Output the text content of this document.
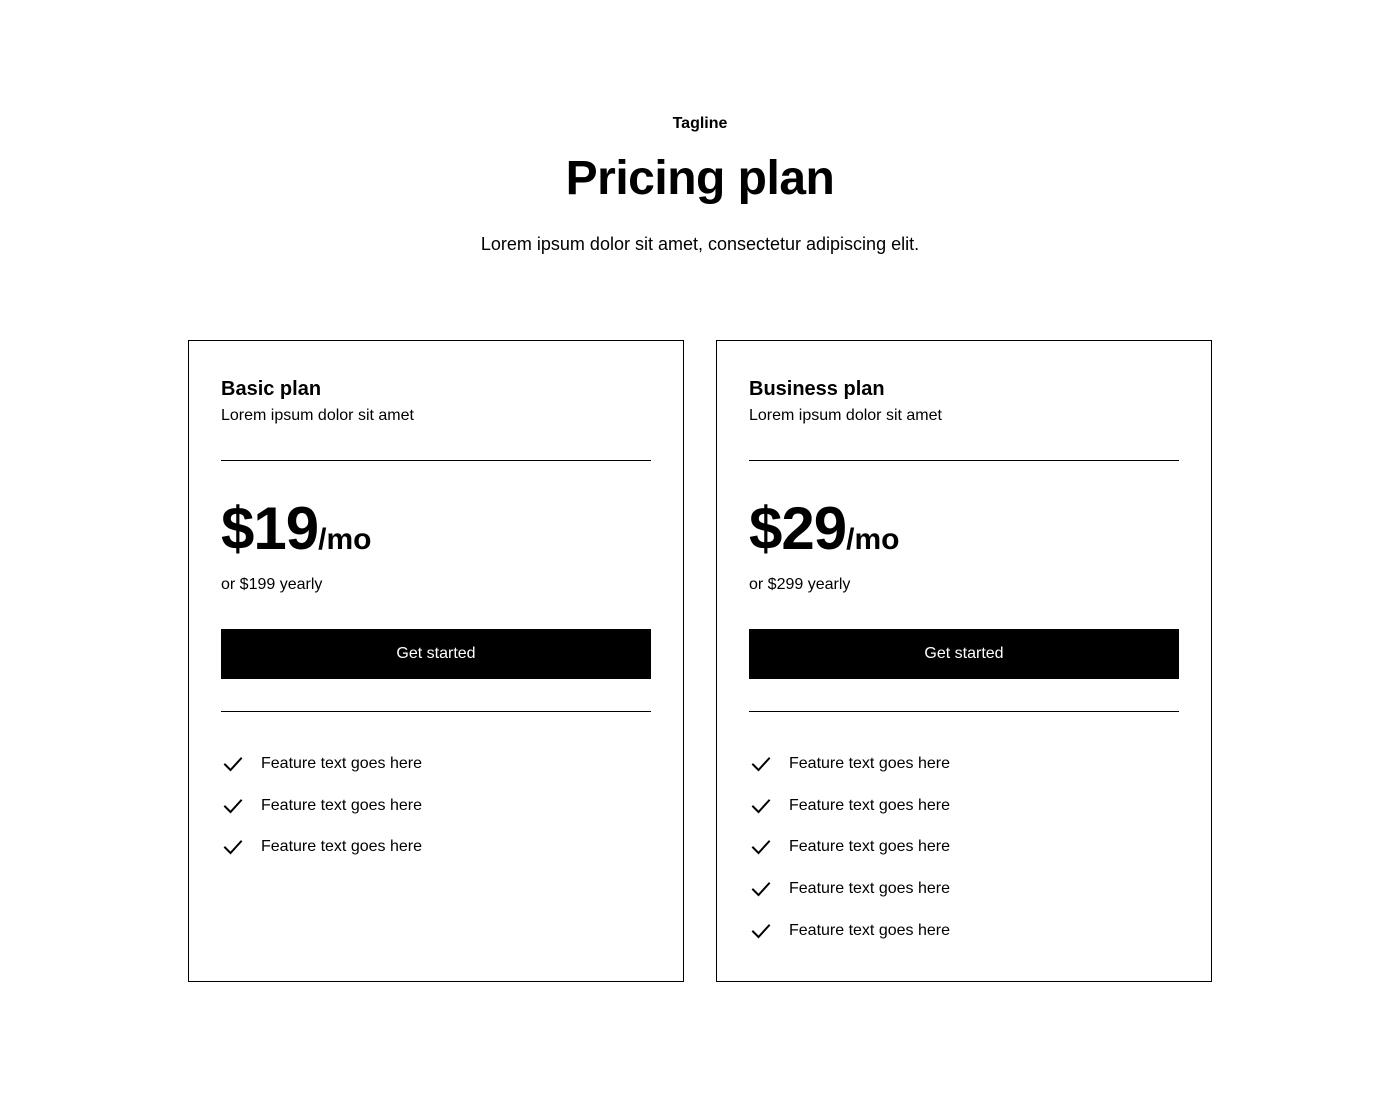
Tagline
Pricing plan

Lorem ipsum dolor sit amet, consectetur adipiscing elit.

Basic plan
Lorem ipsum dolor sit amet
$19 /mo
or $199 yearly
Get started
Feature text goes here
Feature text goes here
Feature text goes here
Business plan
Lorem ipsum dolor sit amet
$29 /mo
or $299 yearly
Get started
Feature text goes here
Feature text goes here
Feature text goes here
Feature text goes here
Feature text goes here
